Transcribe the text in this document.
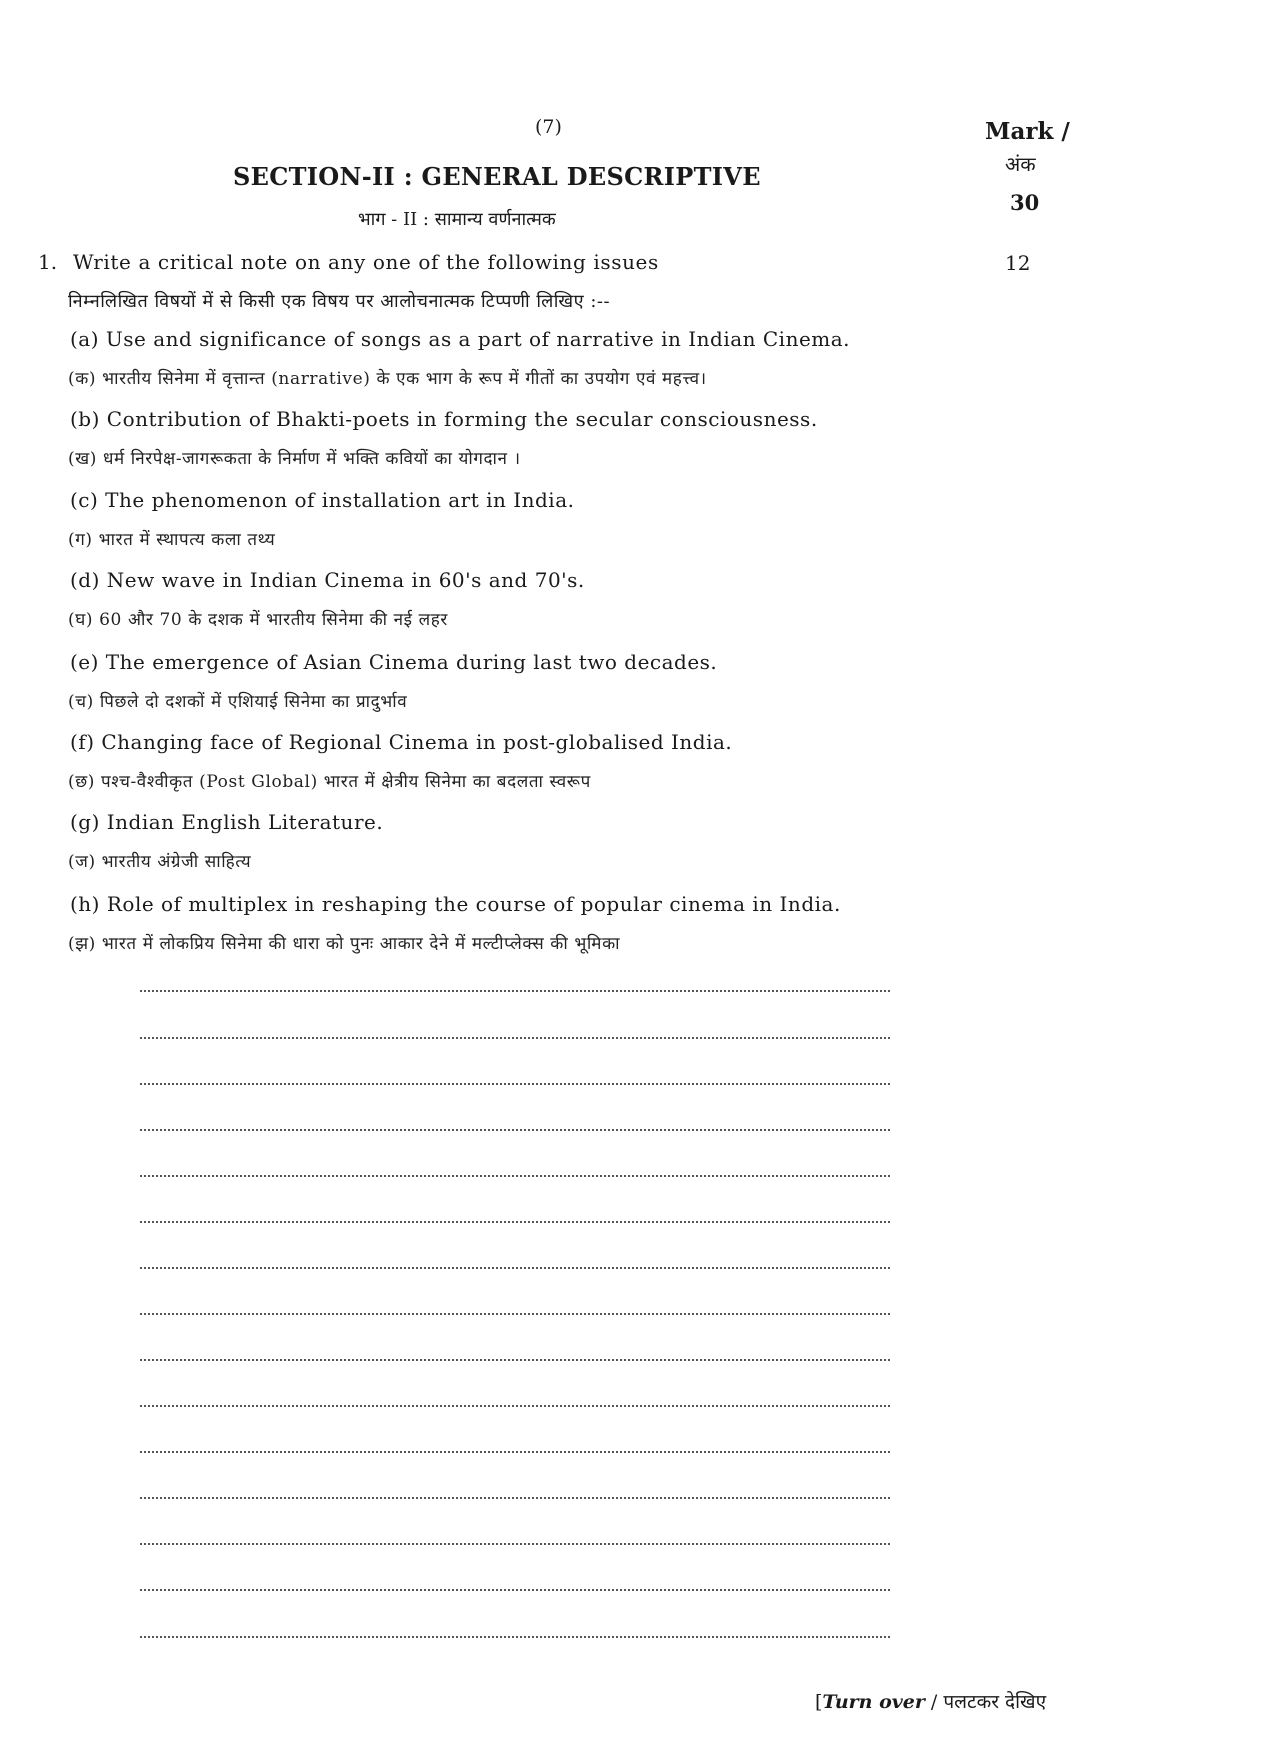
(7)	Mark /
अंक
30
SECTION-II : GENERAL DESCRIPTIVE
भाग - II : सामान्य वर्णनात्मक
1. Write a critical note on any one of the following issues	12
निम्नलिखित विषयों में से किसी एक विषय पर आलोचनात्मक टिप्पणी लिखिए :--
(a) Use and significance of songs as a part of narrative in Indian Cinema.
(क) भारतीय सिनेमा में वृत्तान्त (narrative) के एक भाग के रूप में गीतों का उपयोग एवं महत्त्व।
(b) Contribution of Bhakti-poets in forming the secular consciousness.
(ख) धर्म निरपेक्ष-जागरूकता के निर्माण में भक्ति कवियों का योगदान ।
(c) The phenomenon of installation art in India.
(ग) भारत में स्थापत्य कला तथ्य
(d) New wave in Indian Cinema in 60's and 70's.
(घ) 60 और 70 के दशक में भारतीय सिनेमा की नई लहर
(e) The emergence of Asian Cinema during last two decades.
(च) पिछले दो दशकों में एशियाई सिनेमा का प्रादुर्भाव
(f) Changing face of Regional Cinema in post-globalised India.
(छ) पश्च-वैश्वीकृत (Post Global) भारत में क्षेत्रीय सिनेमा का बदलता स्वरूप
(g) Indian English Literature.
(ज) भारतीय अंग्रेजी साहित्य
(h) Role of multiplex in reshaping the course of popular cinema in India.
(झ) भारत में लोकप्रिय सिनेमा की धारा को पुनः आकार देने में मल्टीप्लेक्स की भूमिका
[Turn over / पलटकर देखिए
